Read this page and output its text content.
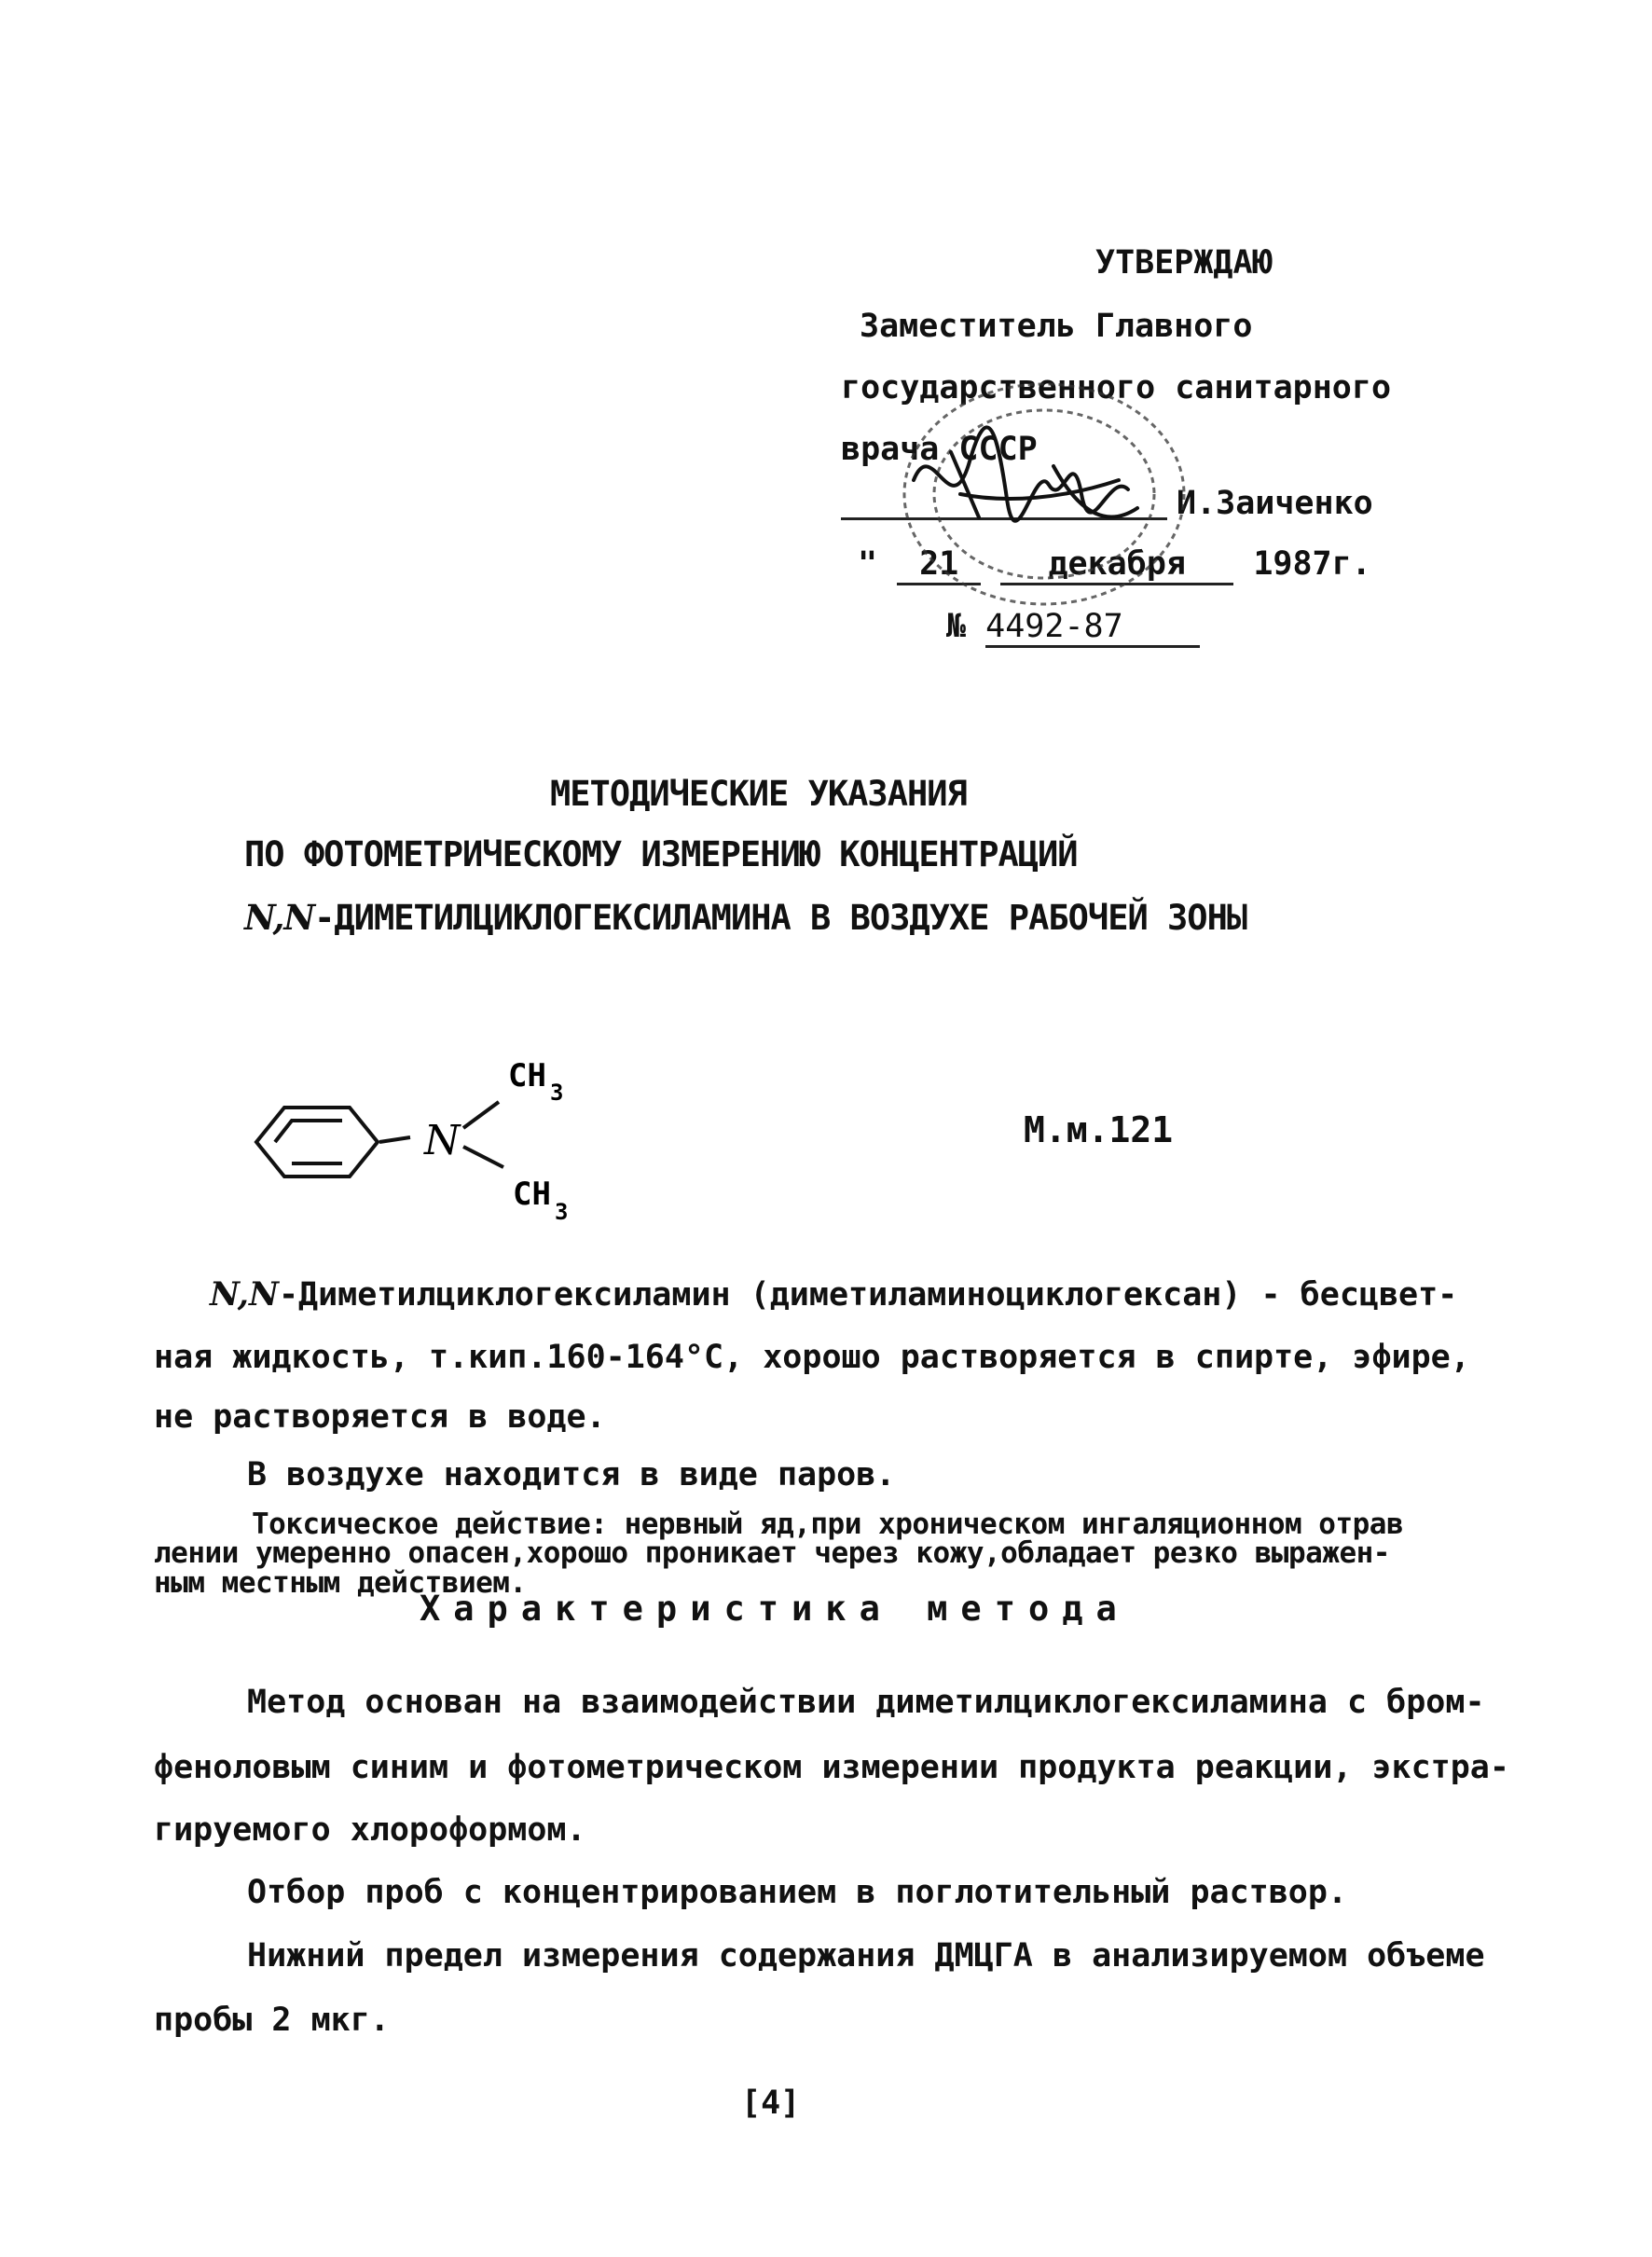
УТВЕРЖДАЮ
Заместитель Главного
государственного санитарного
врача СССР
И.Заиченко
" 21	декабря 1987г.
№ 4492-87
МЕТОДИЧЕСКИЕ УКАЗАНИЯ
ПО ФОТОМЕТРИЧЕСКОМУ ИЗМЕРЕНИЮ КОНЦЕНТРАЦИЙ
N,N-ДИМЕТИЛЦИКЛОГЕКСИЛАМИНА В ВОЗДУХЕ РАБОЧЕЙ ЗОНЫ
N
CH 3
CH 3
М.м.121
N,N-Диметилциклогексиламин (диметиламиноциклогексан) - бесцвет-
ная жидкость, т.кип.160-164°С, хорошо растворяется в спирте, эфире,
не растворяется в воде.
В воздухе находится в виде паров.
Токсическое действие: нервный яд,при хроническом ингаляционном отрав
лении умеренно опасен,хорошо проникает через кожу,обладает резко выражен-
ным местным действием.
Характеристика метода
Метод основан на взаимодействии диметилциклогексиламина с бром-
феноловым синим и фотометрическом измерении продукта реакции, экстра-
гируемого хлороформом.
Отбор проб с концентрированием в поглотительный раствор.
Нижний предел измерения содержания ДМЦГА в анализируемом объеме
пробы 2 мкг.
[4]
